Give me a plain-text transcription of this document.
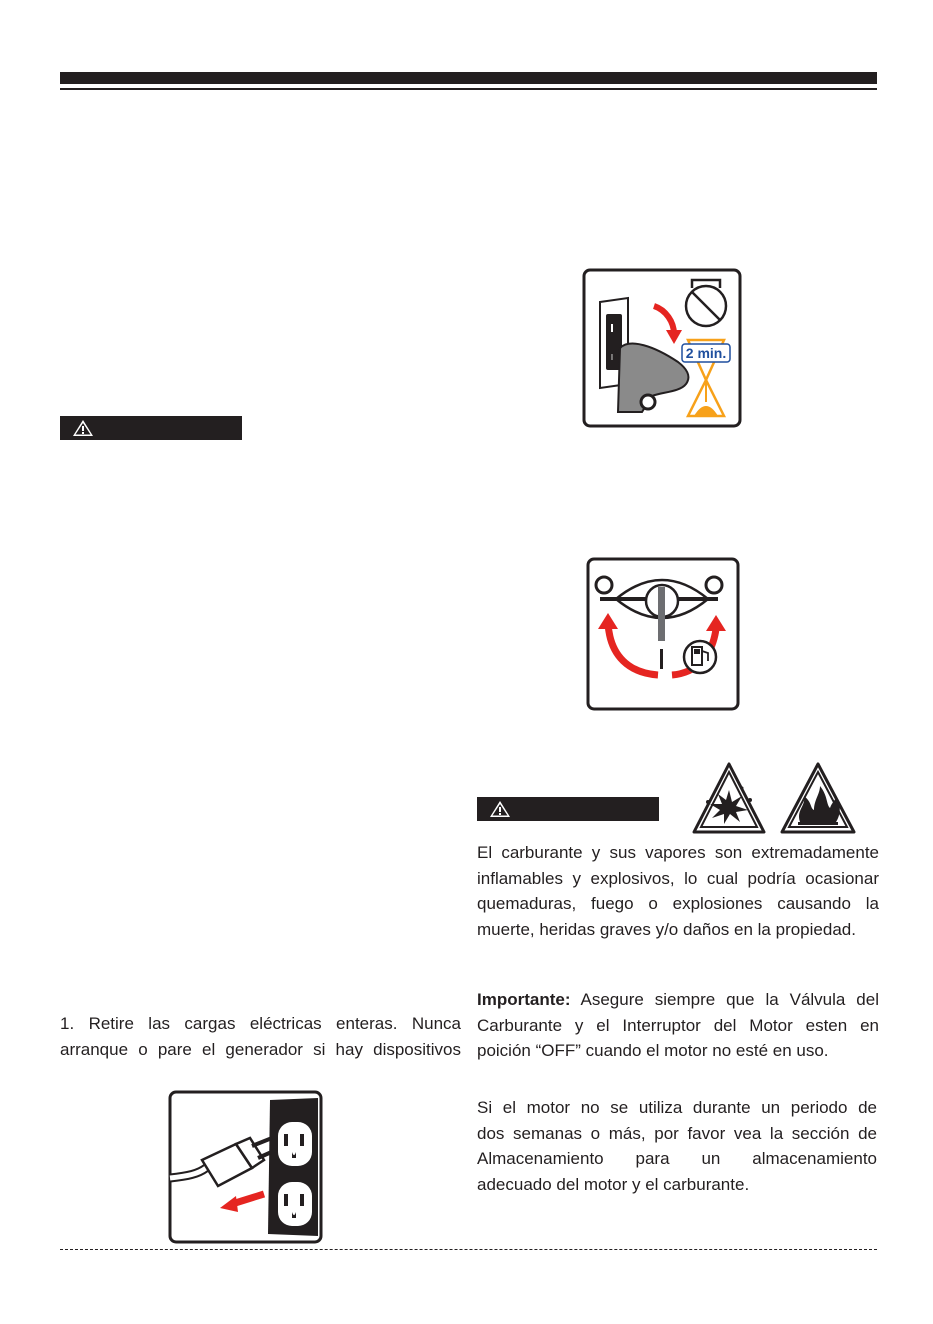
I	2 min.
El carburante y sus vapores son extremadamente
inflamables y explosivos, lo cual podría ocasionar
quemaduras, fuego o explosiones causando la
muerte, heridas graves y/o daños en la propiedad.
Importante: Asegure siempre que la Válvula del
Carburante y el Interruptor del Motor esten en
poición “OFF” cuando el motor no esté en uso.
Si el motor no se utiliza durante un periodo de
dos semanas o más, por favor vea la sección de
Almacenamiento para un almacenamiento
adecuado del motor y el carburante.
1. Retire las cargas eléctricas enteras. Nunca
arranque o pare el generador si hay dispositivos
